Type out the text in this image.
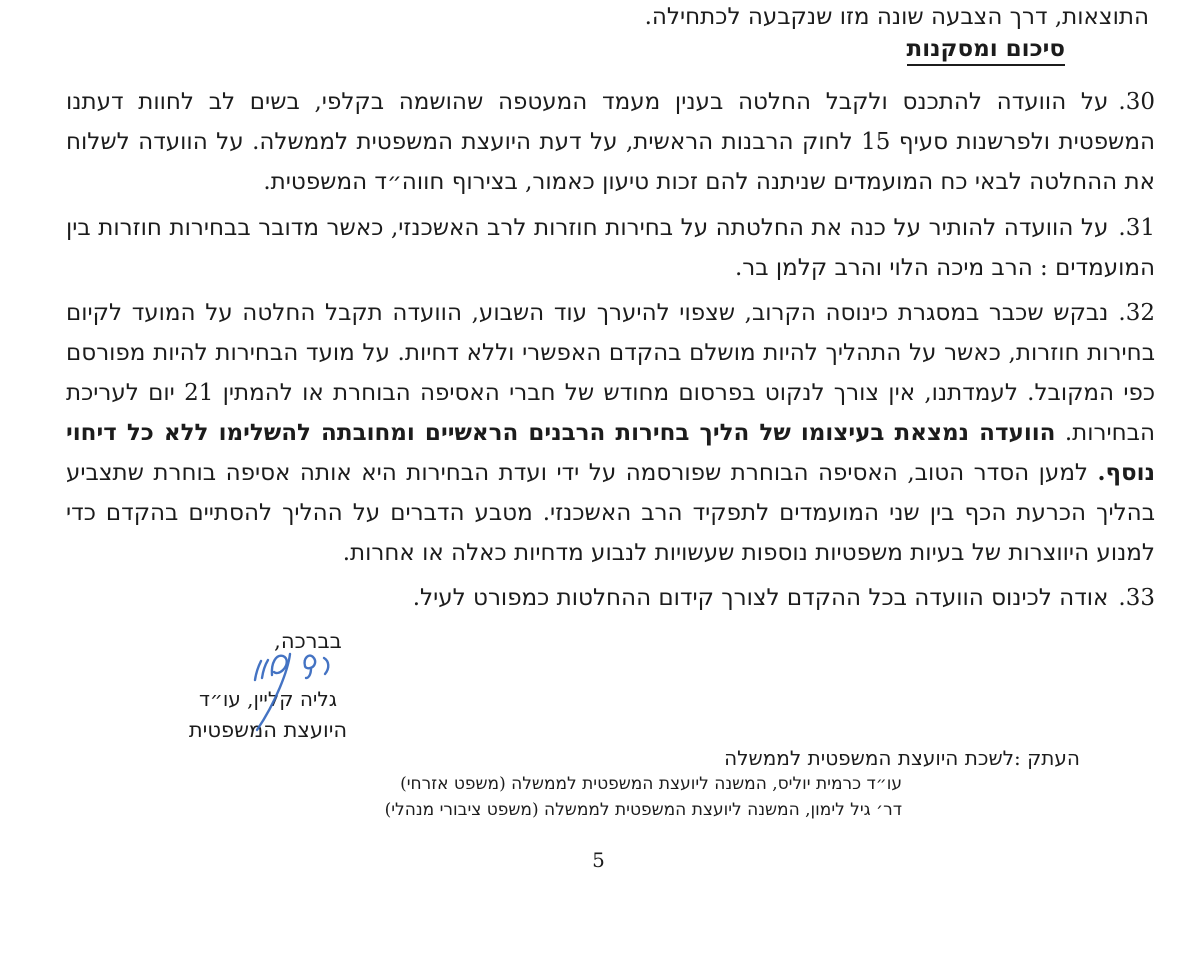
התוצאות, דרך הצבעה שונה מזו שנקבעה לכתחילה.
סיכום ומסקנות
30.על הוועדה להתכנס ולקבל החלטה בענין מעמד המעטפה שהושמה בקלפי, בשים לב לחוות דעתנו המשפטית ולפרשנות סעיף 15 לחוק הרבנות הראשית, על דעת היועצת המשפטית לממשלה. על הוועדה לשלוח את ההחלטה לבאי כח המועמדים שניתנה להם זכות טיעון כאמור, בצירוף חווה״ד המשפטית.
31.על הוועדה להותיר על כנה את החלטתה על בחירות חוזרות לרב האשכנזי, כאשר מדובר בבחירות חוזרות בין המועמדים : הרב מיכה הלוי והרב קלמן בר.
32.נבקש שכבר במסגרת כינוסה הקרוב, שצפוי להיערך עוד השבוע, הוועדה תקבל החלטה על המועד לקיום בחירות חוזרות, כאשר על התהליך להיות מושלם בהקדם האפשרי וללא דחיות. על מועד הבחירות להיות מפורסם כפי המקובל. לעמדתנו, אין צורך לנקוט בפרסום מחודש של חברי האסיפה הבוחרת או להמתין 21 יום לעריכת הבחירות. הוועדה נמצאת בעיצומו של הליך בחירות הרבנים הראשיים ומחובתה להשלימו ללא כל דיחוי נוסף. למען הסדר הטוב, האסיפה הבוחרת שפורסמה על ידי ועדת הבחירות היא אותה אסיפה בוחרת שתצביע בהליך הכרעת הכף בין שני המועמדים לתפקיד הרב האשכנזי. מטבע הדברים על ההליך להסתיים בהקדם כדי למנוע היווצרות של בעיות משפטיות נוספות שעשויות לנבוע מדחיות כאלה או אחרות.
33.אודה לכינוס הוועדה בכל ההקדם לצורך קידום ההחלטות כמפורט לעיל.
בברכה,
גליה קליין, עו״ד
היועצת המשפטית
העתק :לשכת היועצת המשפטית לממשלה
עו״ד כרמית יוליס, המשנה ליועצת המשפטית לממשלה (משפט אזרחי)
דר׳ גיל לימון, המשנה ליועצת המשפטית לממשלה (משפט ציבורי מנהלי)
5
